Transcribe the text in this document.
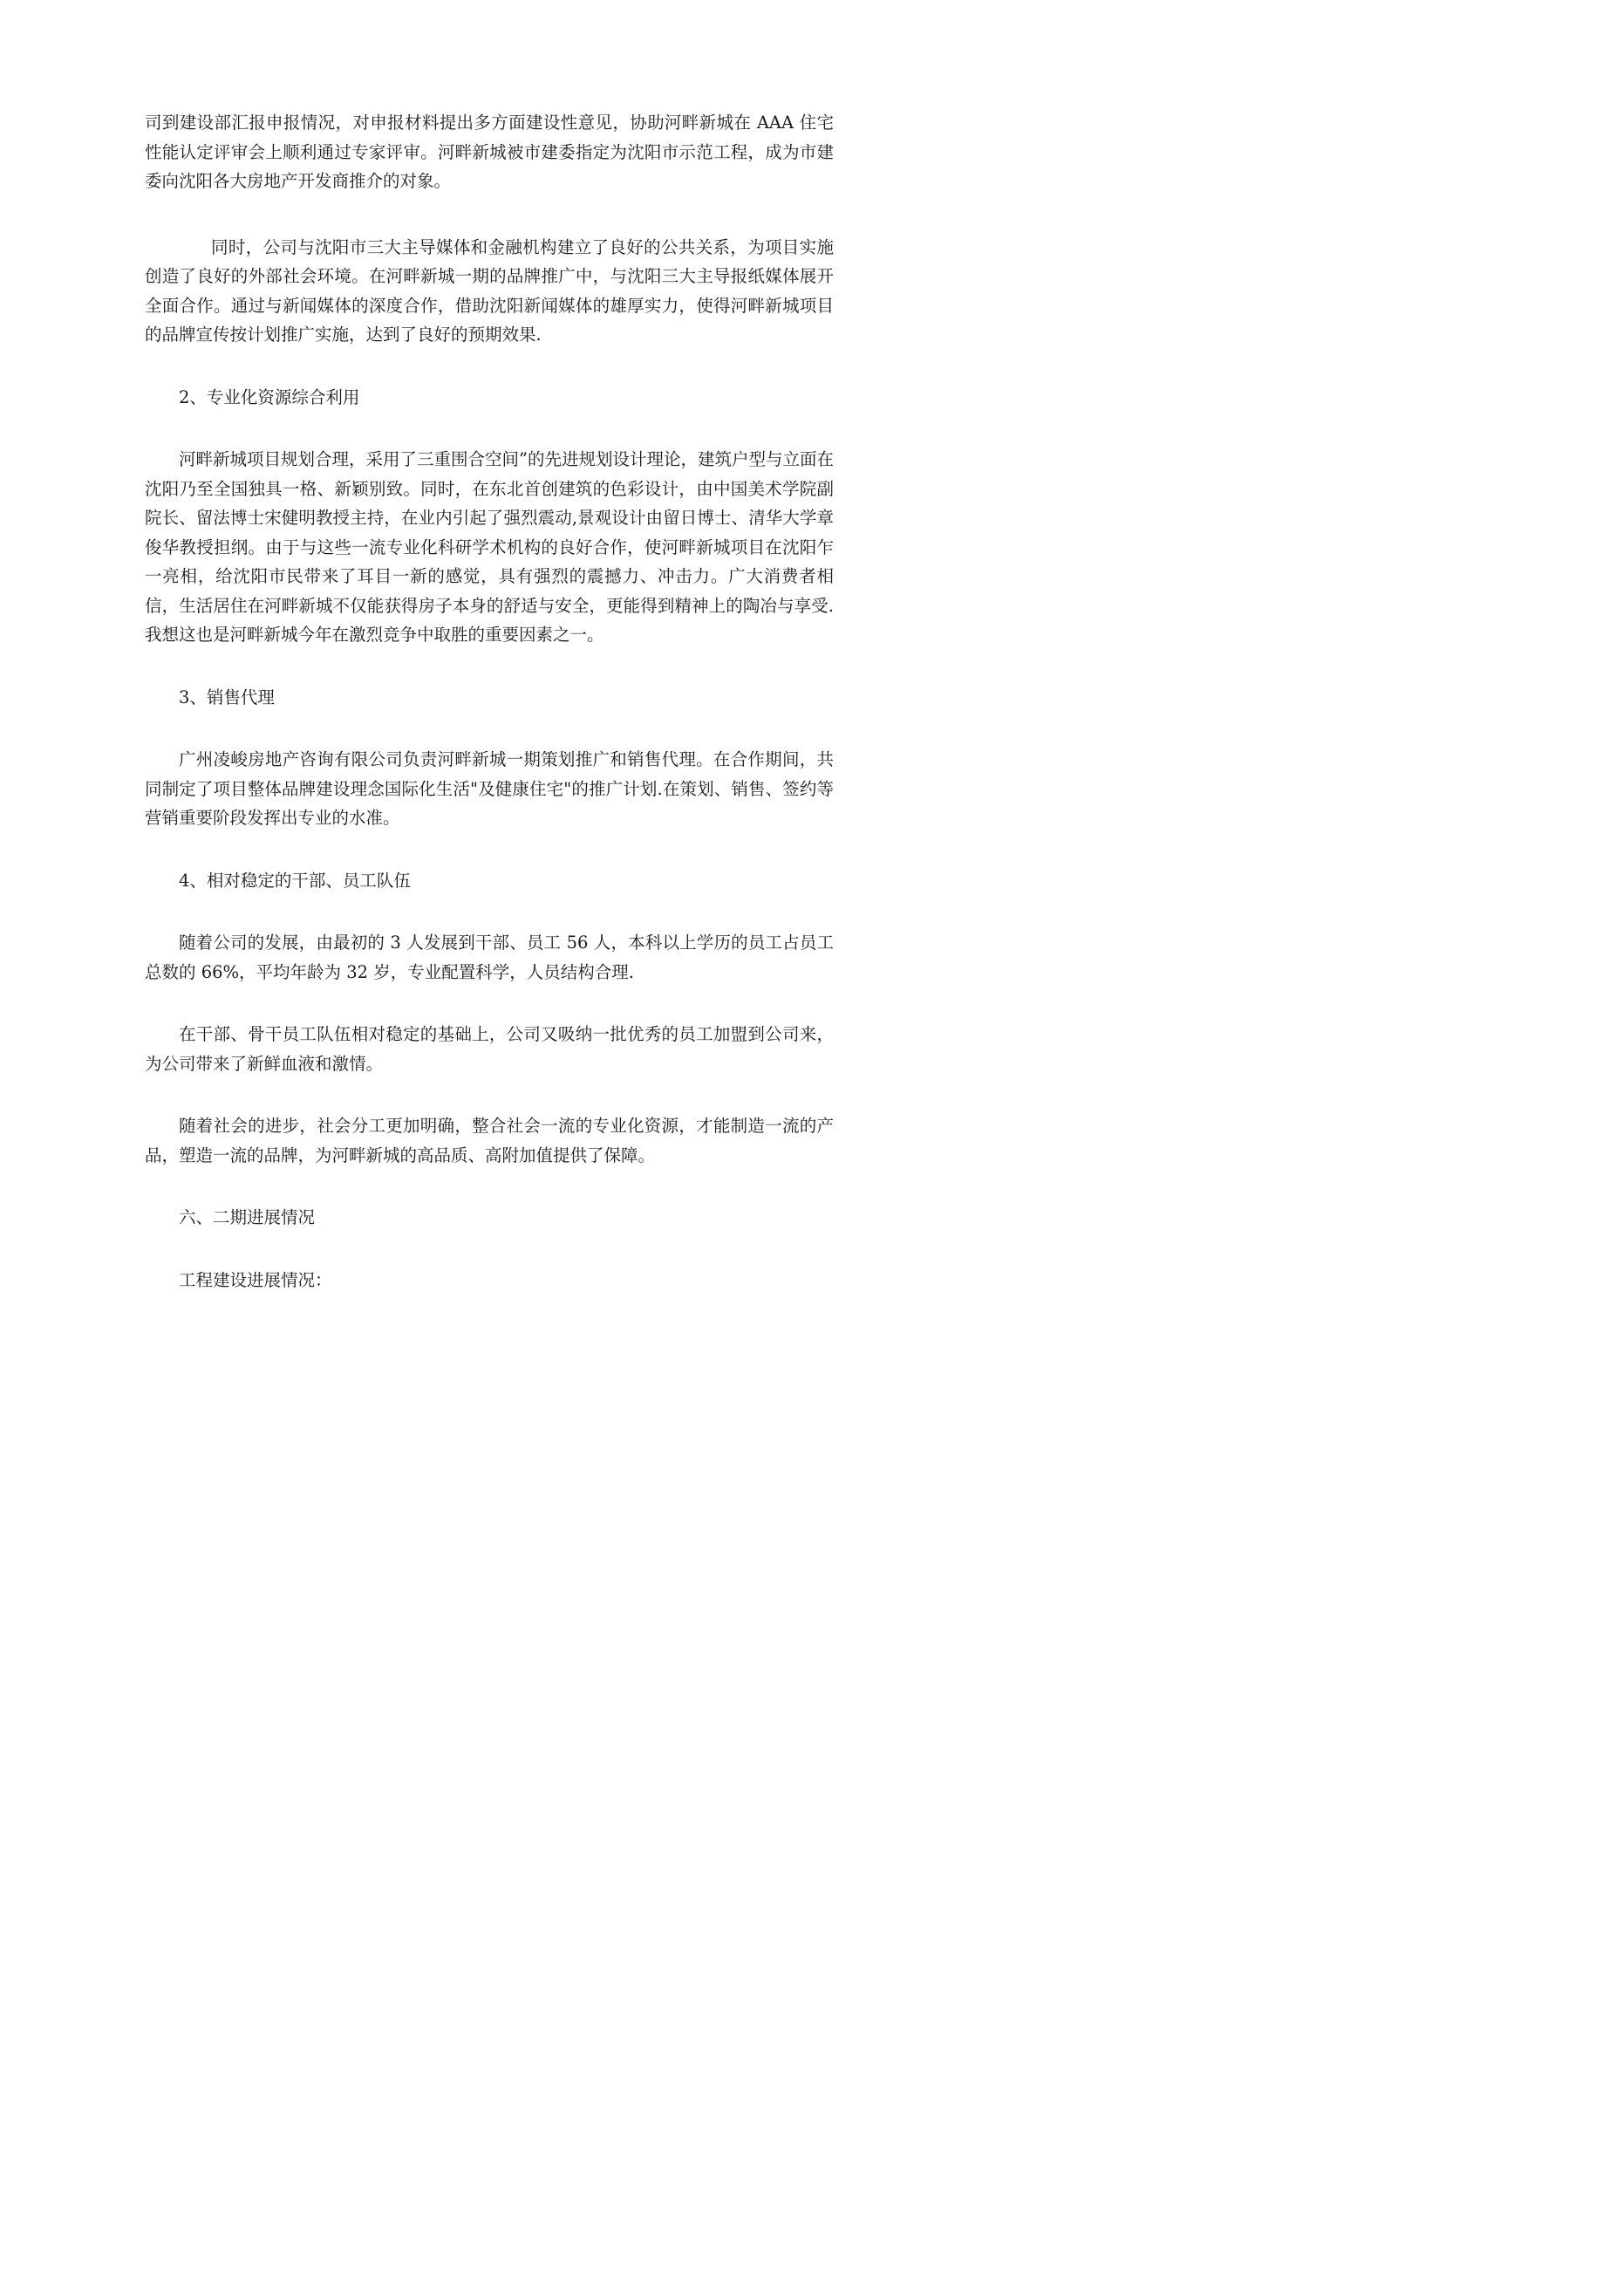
司到建设部汇报申报情况，对申报材料提出多方面建设性意见，协助河畔新城在 AAA 住宅性能认定评审会上顺利通过专家评审。河畔新城被市建委指定为沈阳市示范工程，成为市建委向沈阳各大房地产开发商推介的对象。

同时，公司与沈阳市三大主导媒体和金融机构建立了良好的公共关系，为项目实施创造了良好的外部社会环境。在河畔新城一期的品牌推广中，与沈阳三大主导报纸媒体展开全面合作。通过与新闻媒体的深度合作，借助沈阳新闻媒体的雄厚实力，使得河畔新城项目的品牌宣传按计划推广实施，达到了良好的预期效果.

2、专业化资源综合利用

河畔新城项目规划合理，采用了三重围合空间”的先进规划设计理论，建筑户型与立面在沈阳乃至全国独具一格、新颖别致。同时，在东北首创建筑的色彩设计，由中国美术学院副院长、留法博士宋健明教授主持，在业内引起了强烈震动,景观设计由留日博士、清华大学章俊华教授担纲。由于与这些一流专业化科研学术机构的良好合作，使河畔新城项目在沈阳乍一亮相，给沈阳市民带来了耳目一新的感觉，具有强烈的震撼力、冲击力。广大消费者相信，生活居住在河畔新城不仅能获得房子本身的舒适与安全，更能得到精神上的陶冶与享受.我想这也是河畔新城今年在激烈竞争中取胜的重要因素之一。

3、销售代理

广州凌峻房地产咨询有限公司负责河畔新城一期策划推广和销售代理。在合作期间，共同制定了项目整体品牌建设理念国际化生活"及健康住宅"的推广计划.在策划、销售、签约等营销重要阶段发挥出专业的水准。

4、相对稳定的干部、员工队伍

随着公司的发展，由最初的 3 人发展到干部、员工 56 人，本科以上学历的员工占员工总数的 66%，平均年龄为 32 岁，专业配置科学，人员结构合理.

在干部、骨干员工队伍相对稳定的基础上，公司又吸纳一批优秀的员工加盟到公司来，为公司带来了新鲜血液和激情。

随着社会的进步，社会分工更加明确，整合社会一流的专业化资源，才能制造一流的产品，塑造一流的品牌，为河畔新城的高品质、高附加值提供了保障。

六、二期进展情况

工程建设进展情况：
